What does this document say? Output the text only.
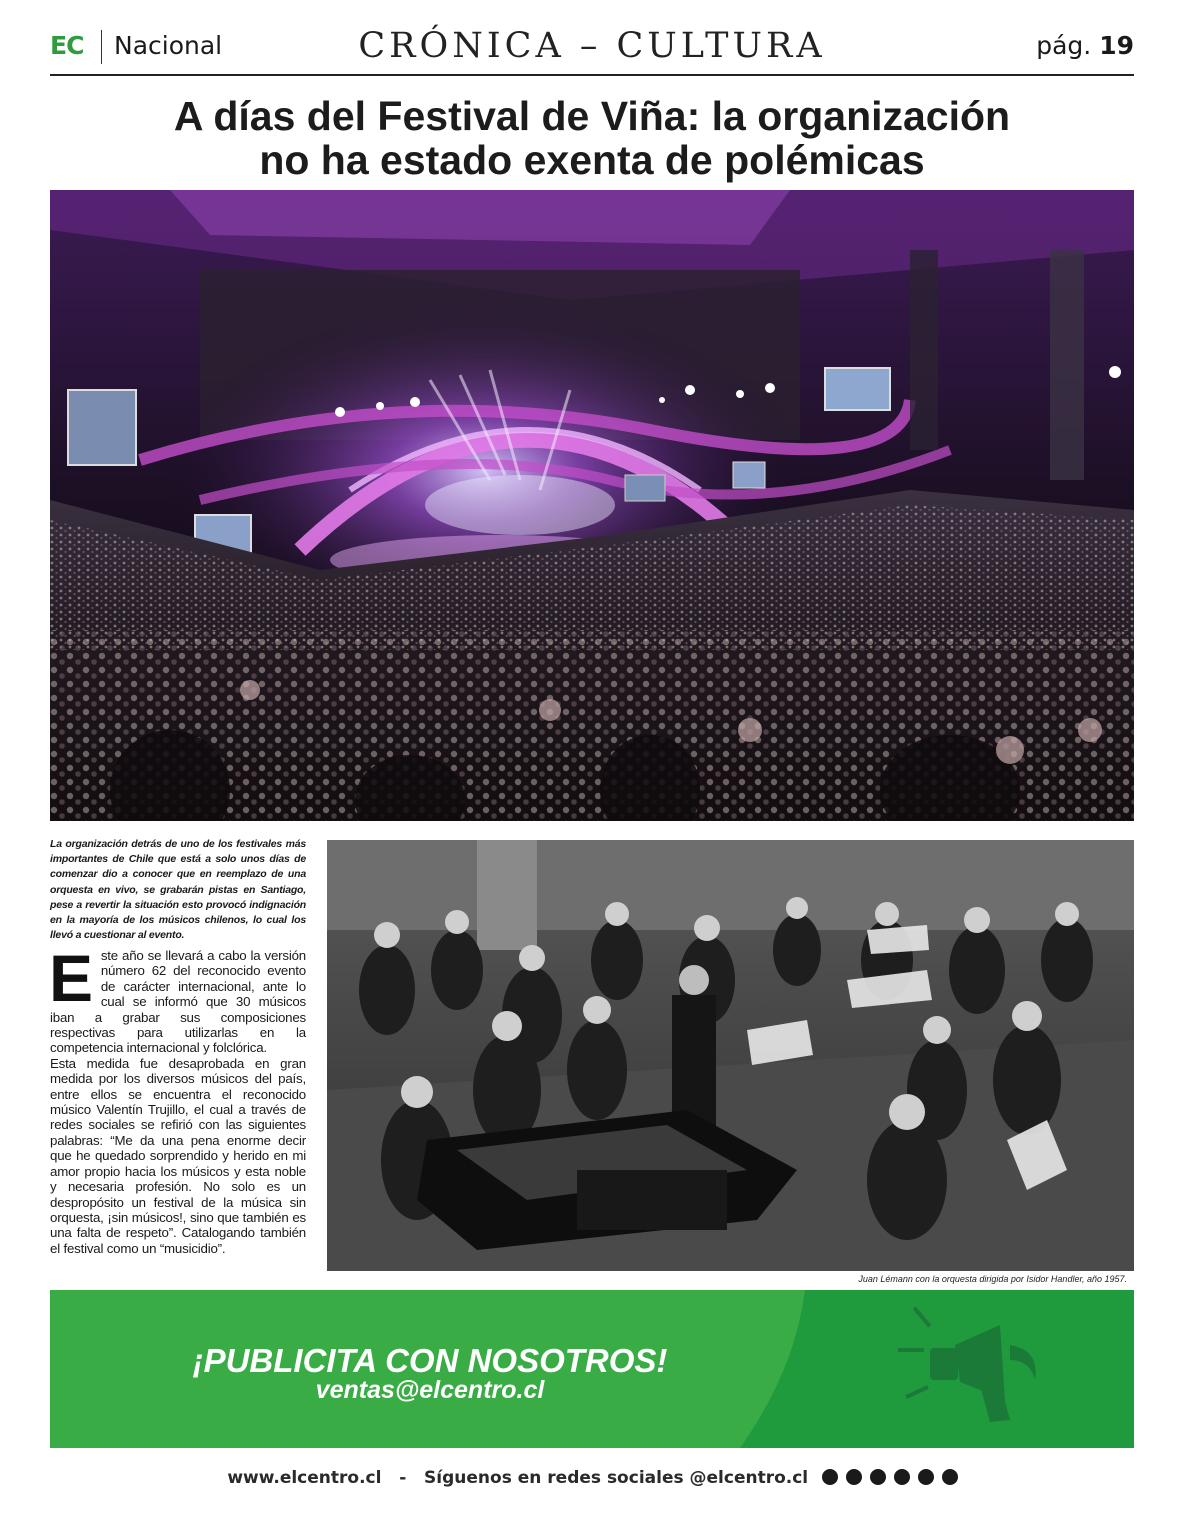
EC Nacional	CRÓNICA – CULTURA	pág. 19
A días del Festival de Viña: la organización
no ha estado exenta de polémicas
La organización detrás de uno de los festivales más importantes de Chile que está a solo unos días de comenzar dio a conocer que en reemplazo de una orquesta en vivo, se grabarán pistas en Santiago, pese a revertir la situación esto provocó indignación en la mayoría de los músicos chilenos, lo cual los llevó a cuestionar al evento.
E ste año se llevará a cabo la versión número 62 del reconocido evento de carácter internacional, ante lo cual se informó que 30 músicos iban a grabar sus composiciones respectivas para utilizarlas en la competencia internacional y folclórica.

Esta medida fue desaprobada en gran medida por los diversos músicos del país, entre ellos se encuentra el reconocido músico Valentín Trujillo, el cual a través de redes sociales se refirió con las siguientes palabras: “Me da una pena enorme decir que he quedado sorprendido y herido en mi amor propio hacia los músicos y esta noble y necesaria profesión. No solo es un despropósito un festival de la música sin orquesta, ¡sin músicos!, sino que también es una falta de respeto”. Catalogando también el festival como un “musicidio”.

Juan Lémann con la orquesta dirigida por Isidor Handler, año 1957.
¡PUBLICITA CON NOSOTROS!
ventas@elcentro.cl
www.elcentro.cl - Síguenos en redes sociales @elcentro.cl
